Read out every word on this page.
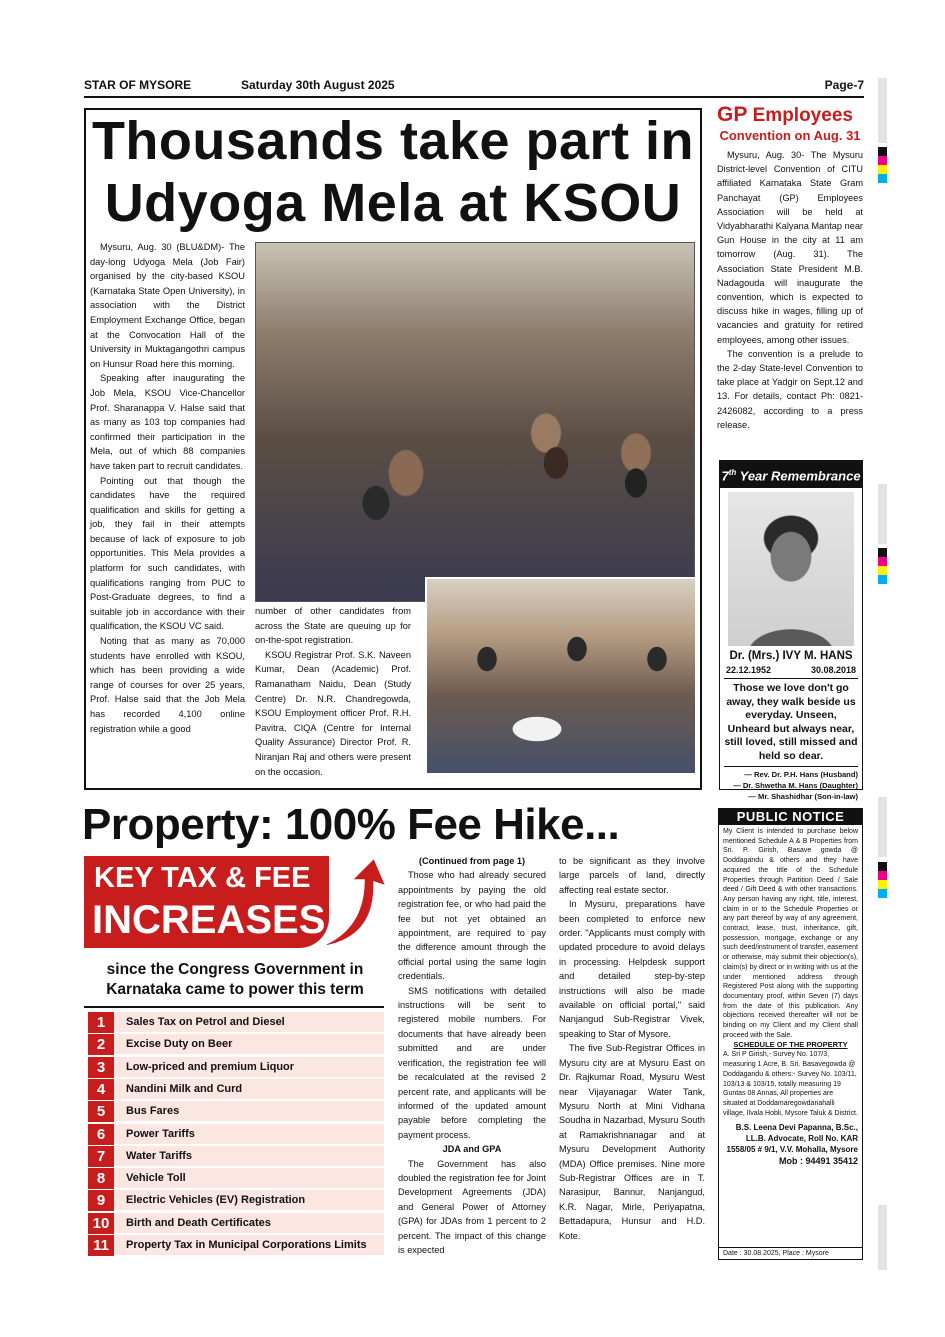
STAR OF MYSORE	Saturday 30th August 2025	Page-7
Thousands take part in
Udyoga Mela at KSOU

Mysuru, Aug. 30 (BLU&DM)- The day-long Udyoga Mela (Job Fair) organised by the city-based KSOU (Karnataka State Open University), in association with the District Employment Exchange Office, began at the Convocation Hall of the University in Muktagangothri campus on Hunsur Road here this morning.

Speaking after inaugurating the Job Mela, KSOU Vice-Chancellor Prof. Sharanappa V. Halse said that as many as 103 top companies had confirmed their participation in the Mela, out of which 88 companies have taken part to recruit candidates.

Pointing out that though the candidates have the required qualification and skills for getting a job, they fail in their attempts because of lack of exposure to job opportunities. This Mela provides a platform for such candidates, with qualifications ranging from PUC to Post-Graduate degrees, to find a suitable job in accordance with their qualification, the KSOU VC said.

Noting that as many as 70,000 students have enrolled with KSOU, which has been providing a wide range of courses for over 25 years, Prof. Halse said that the Job Mela has recorded 4,100 online registration while a good

number of other candidates from across the State are queuing up for on-the-spot registration.

KSOU Registrar Prof. S.K. Naveen Kumar, Dean (Academic) Prof. Ramanatham Naidu, Dean (Study Centre) Dr. N.R. Chandregowda, KSOU Employment officer Prof. R.H. Pavitra, CIQA (Centre for Internal Quality Assurance) Director Prof. R. Niranjan Raj and others were present on the occasion.

GP Employees
Convention on Aug. 31

Mysuru, Aug. 30- The Mysuru District-level Convention of CITU affiliated Karnataka State Gram Panchayat (GP) Employees Association will be held at Vidyabharathi Kalyana Mantap near Gun House in the city at 11 am tomorrow (Aug. 31). The Association State President M.B. Nadagouda will inaugurate the convention, which is expected to discuss hike in wages, filling up of vacancies and gratuity for retired employees, among other issues.

The convention is a prelude to the 2-day State-level Convention to take place at Yadgir on Sept.12 and 13. For details, contact Ph: 0821- 2426082, according to a press release.

7th Year Remembrance
Dr. (Mrs.) IVY M. HANS
22.12.1952	30.08.2018
Those we love don't go away, they walk beside us everyday. Unseen, Unheard but always near, still loved, still missed and held so dear.
— Rev. Dr. P.H. Hans (Husband)
— Dr. Shwetha M. Hans (Daughter)
— Mr. Shashidhar (Son-in-law)
Property: 100% Fee Hike...
KEY TAX & FEE
INCREASES
since the Congress Government in Karnataka came to power this term
1	Sales Tax on Petrol and Diesel
2	Excise Duty on Beer
3	Low-priced and premium Liquor
4	Nandini Milk and Curd
5	Bus Fares
6	Power Tariffs
7	Water Tariffs
8	Vehicle Toll
9	Electric Vehicles (EV) Registration
10	Birth and Death Certificates
11	Property Tax in Municipal Corporations Limits
(Continued from page 1)

Those who had already secured appointments by paying the old registration fee, or who had paid the fee but not yet obtained an appointment, are required to pay the difference amount through the official portal using the same login credentials.

SMS notifications with detailed instructions will be sent to registered mobile numbers. For documents that have already been submitted and are under verification, the registration fee will be recalculated at the revised 2 percent rate, and applicants will be informed of the updated amount payable before completing the payment process.

JDA and GPA

The Government has also doubled the registration fee for Joint Development Agreements (JDA) and General Power of Attorney (GPA) for JDAs from 1 percent to 2 percent. The impact of this change is expected

to be significant as they involve large parcels of land, directly affecting real estate sector.

In Mysuru, preparations have been completed to enforce new order. "Applicants must comply with updated procedure to avoid delays in processing. Helpdesk support and detailed step-by-step instructions will also be made available on official portal," said Nanjangud Sub-Registrar Vivek, speaking to Star of Mysore.

The five Sub-Registrar Offices in Mysuru city are at Mysuru East on Dr. Rajkumar Road, Mysuru West near Vijayanagar Water Tank, Mysuru North at Mini Vidhana Soudha in Nazarbad, Mysuru South at Ramakrishnanagar and at Mysuru Development Authority (MDA) Office premises. Nine more Sub-Registrar Offices are in T. Narasipur, Bannur, Nanjangud, K.R. Nagar, Mirle, Periyapatna, Bettadapura, Hunsur and H.D. Kote.

PUBLIC NOTICE
My Client is intended to purchase below mentioned Schedule A & B Properties from Sri. P. Girish, Basave gowda @ Doddagandu & others and they have acquired the title of the Schedule Properties through Partition Deed / Sale deed / Gift Deed & with other transactions. Any person having any right, title, interest, claim in or to the Schedule Properties or any part thereof by way of any agreement, contract, lease, trust, inheritance, gift, possession, mortgage, exchange or any such deed/instrument of transfer, easement or otherwise, may submit their objection(s), claim(s) by direct or in writing with us at the under mentioned address through Registered Post along with the supporting documentary proof, within Seven (7) days from the date of this publication. Any objections received thereafter will not be binding on my Client and my Client shall proceed with the Sale.
SCHEDULE OF THE PROPERTY
A. Sri P Girish,- Survey No. 107/3, measuring 1 Acre, B. Sri. Basavegowda @ Doddagandu & others:- Survey No. 103/11, 103/13 & 103/15, totally measuring 19 Guntas 08 Annas, All properties are situated at Doddamaregowdanahalli village, Ilvala Hobli, Mysore Taluk & District.
B.S. Leena Devi Papanna, B.Sc., LL.B. Advocate, Roll No. KAR 1558/05 # 9/1, V.V. Mohalla, Mysore
Mob : 94491 35412
Date : 30.08.2025, Place : Mysore
